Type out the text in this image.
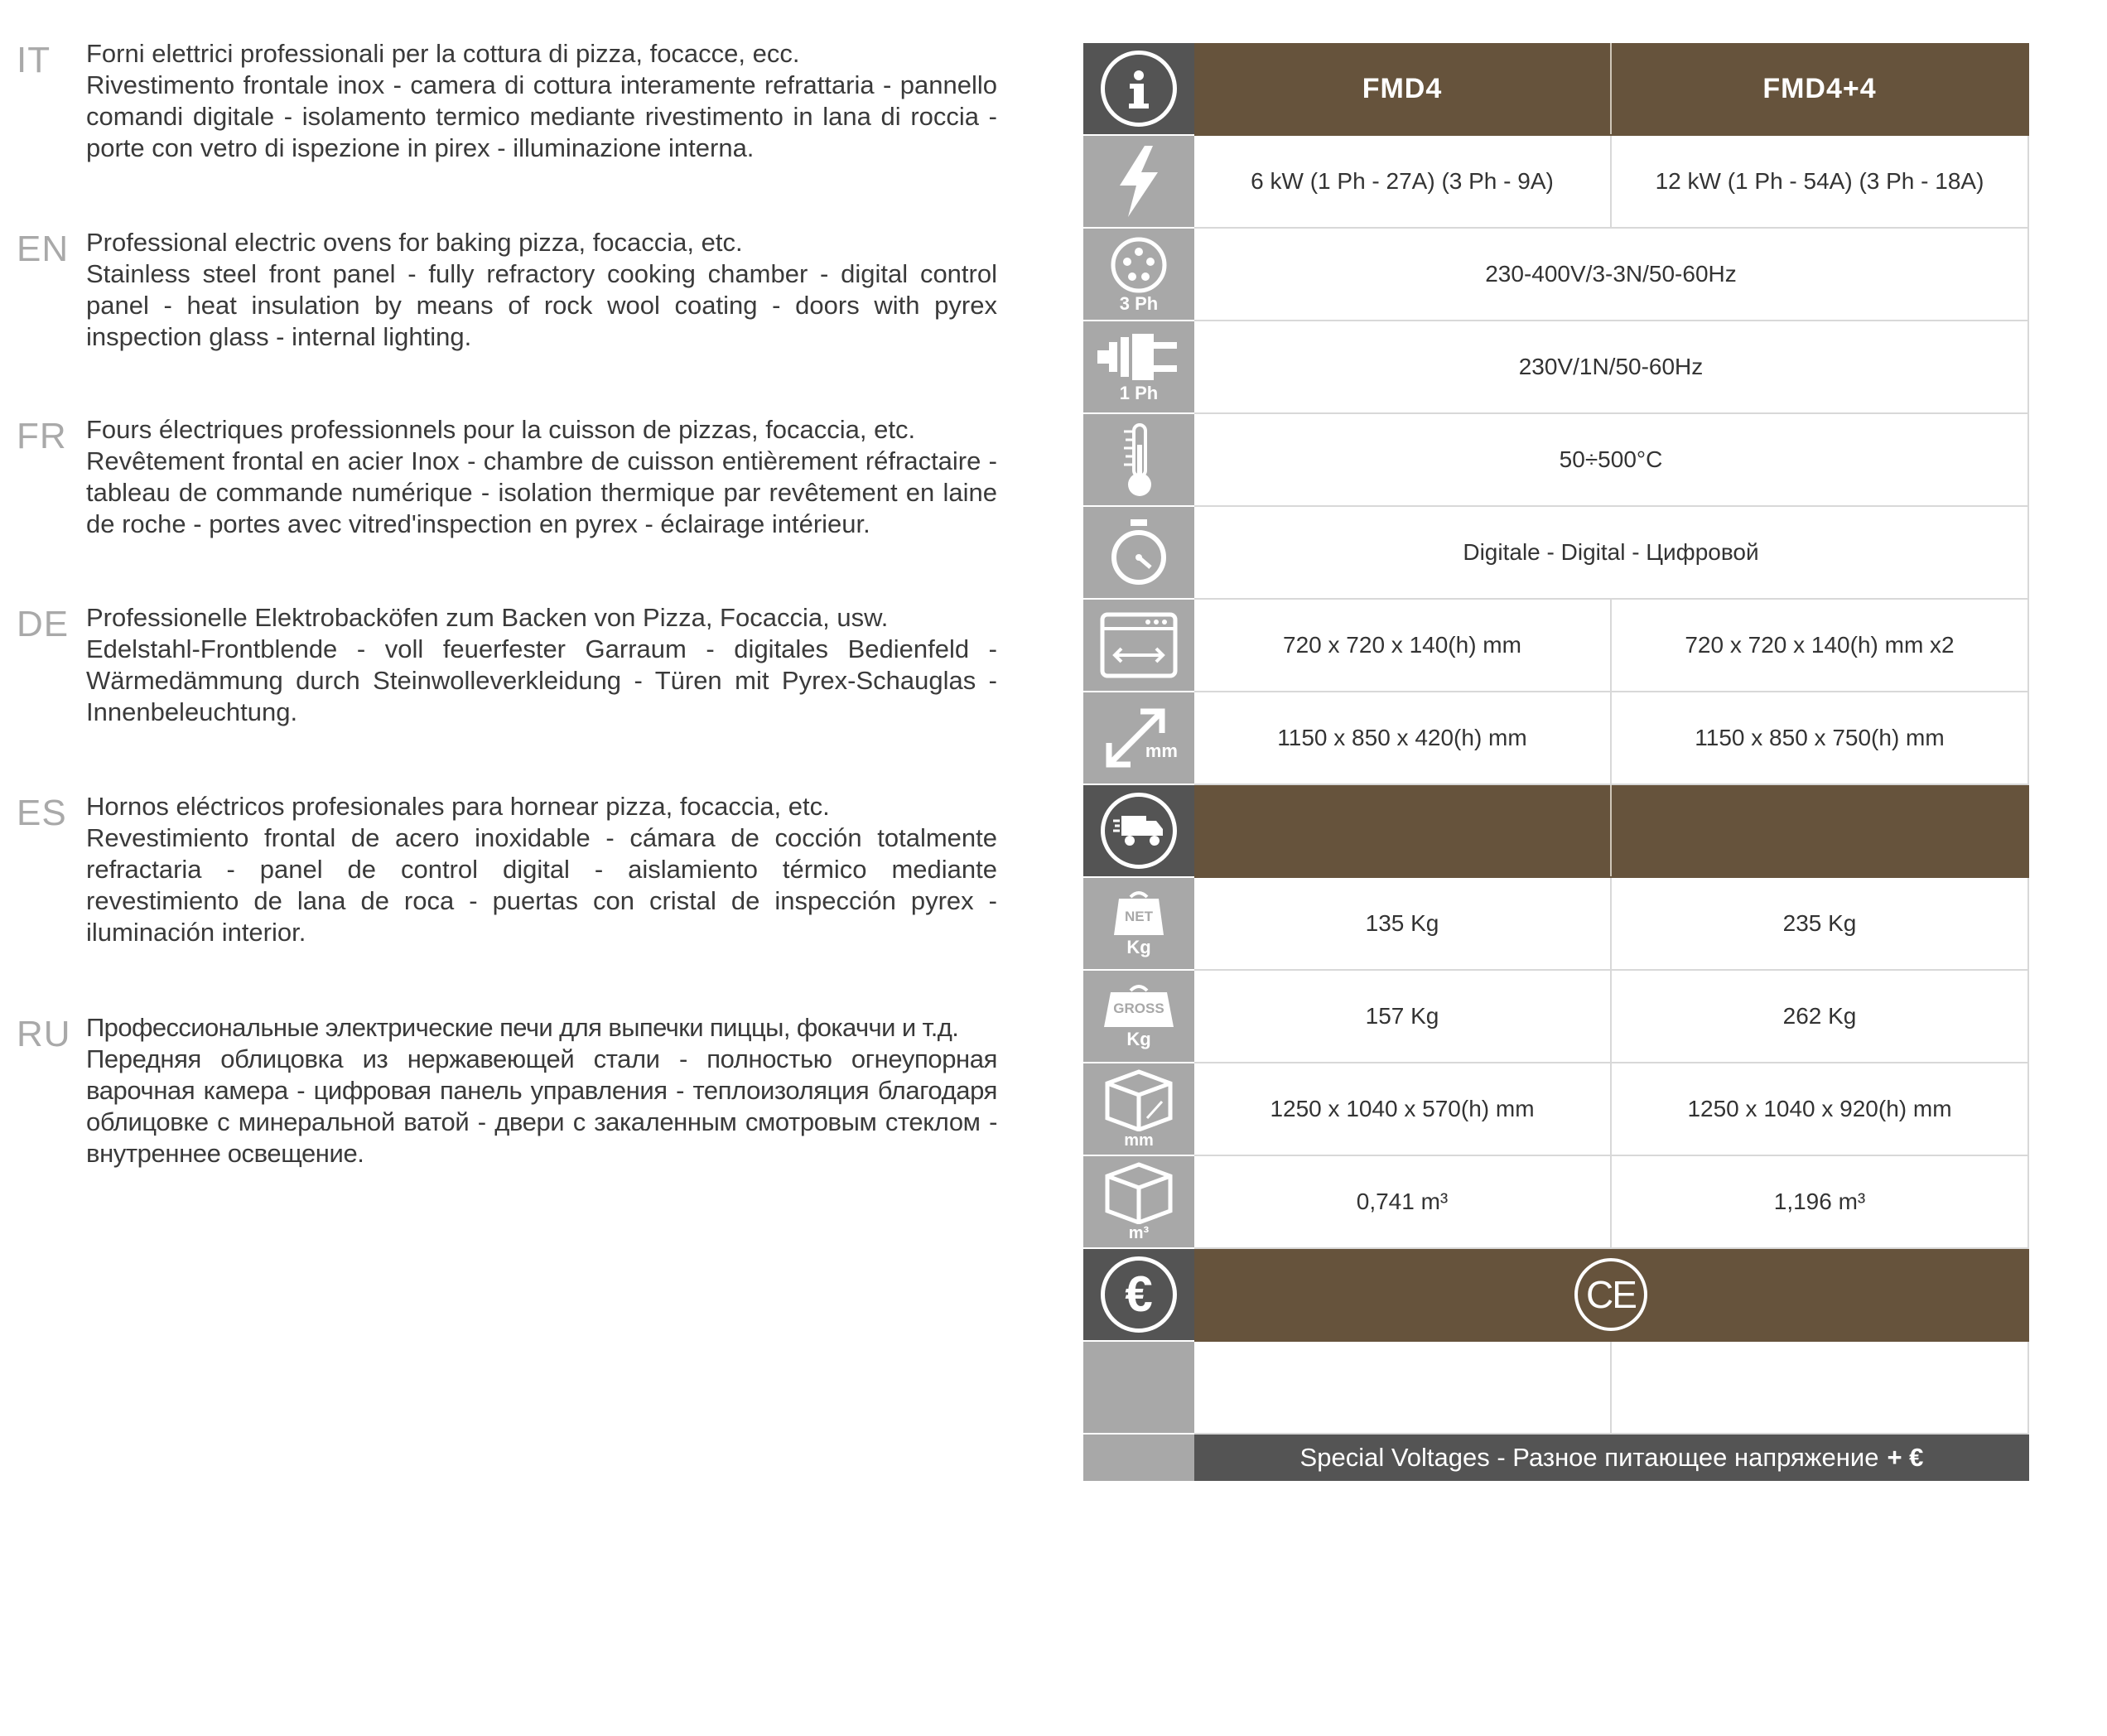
IT Forni elettrici professionali per la cottura di pizza, focacce, ecc.

Rivestimento frontale inox - camera di cottura interamente refrattaria - pannello comandi digitale - isolamento termico mediante rivestimento in lana di roccia - porte con vetro di ispezione in pirex - illuminazione interna.

EN Professional electric ovens for baking pizza, focaccia, etc.

Stainless steel front panel - fully refractory cooking chamber - digital control panel - heat insulation by means of rock wool coating - doors with pyrex inspection glass - internal lighting.

FR Fours électriques professionnels pour la cuisson de pizzas, focaccia, etc.

Revêtement frontal en acier Inox - chambre de cuisson entièrement réfractaire - tableau de commande numérique - isolation thermique par revêtement en laine de roche - portes avec vitred'inspection en pyrex - éclairage intérieur.

DE Professionelle Elektrobacköfen zum Backen von Pizza, Focaccia, usw.

Edelstahl-Frontblende - voll feuerfester Garraum - digitales Bedienfeld - Wärmedämmung durch Steinwolleverkleidung - Türen mit Pyrex-Schauglas - Innenbeleuchtung.

ES Hornos eléctricos profesionales para hornear pizza, focaccia, etc.

Revestimiento frontal de acero inoxidable - cámara de cocción totalmente refractaria - panel de control digital - aislamiento térmico mediante revestimiento de lana de roca - puertas con cristal de inspección pyrex - iluminación interior.

RU Профессиональные электрические печи для выпечки пиццы, фокаччи и т.д.

Передняя облицовка из нержавеющей стали - полностью огнеупорная варочная камера - цифровая панель управления - теплоизоляция благодаря облицовке с минеральной ватой - двери с закаленным смотровым стеклом - внутреннее освещение.

FMD4	FMD4+4
6 kW (1 Ph - 27A) (3 Ph - 9A)	12 kW (1 Ph - 54A) (3 Ph - 18A)
3 Ph
230-400V/3-3N/50-60Hz
1 Ph
230V/1N/50-60Hz
50÷500°C
Digitale - Digital - Цифровой
720 x 720 x 140(h) mm	720 x 720 x 140(h) mm x2
mm
1150 x 850 x 420(h) mm	1150 x 850 x 750(h) mm
NET
Kg
135 Kg	235 Kg
GROSS
Kg
157 Kg	262 Kg
mm
1250 x 1040 x 570(h) mm	1250 x 1040 x 920(h) mm
m³
0,741 m³	1,196 m³
€	CE
Special Voltages - Разное питающее напряжение + €
